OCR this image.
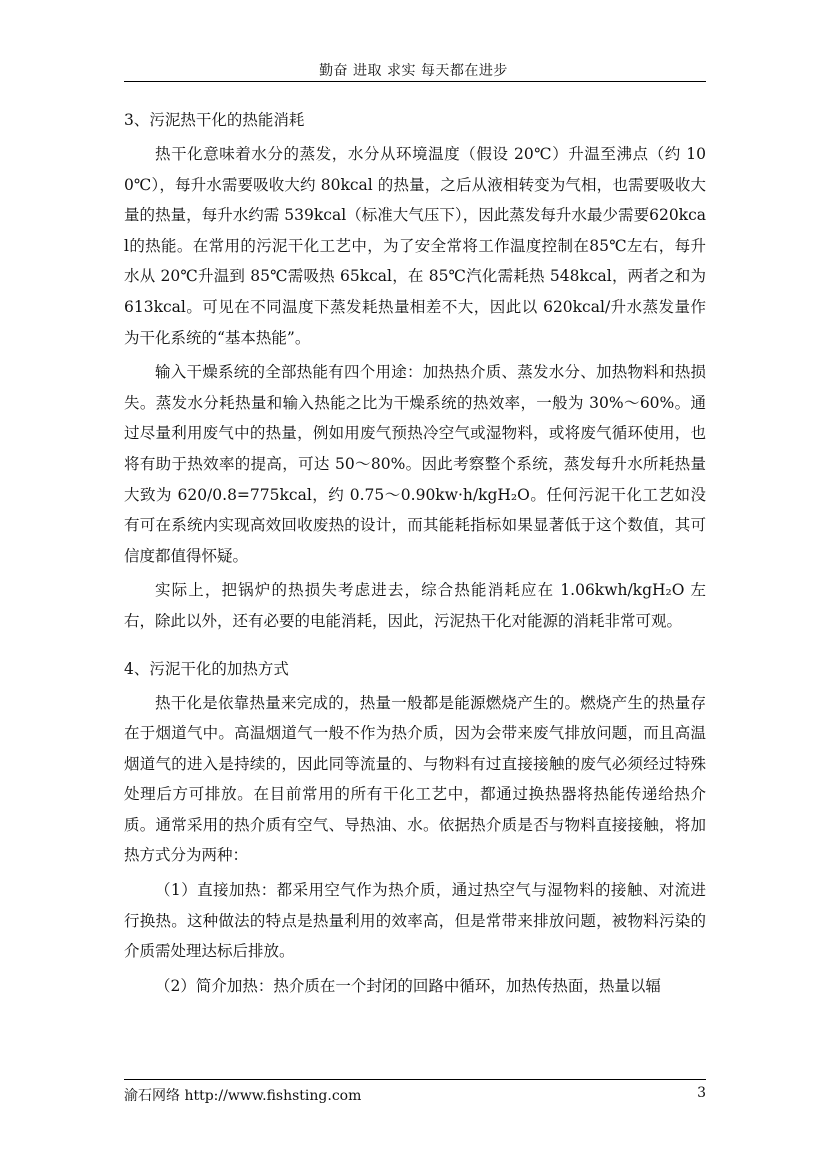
勤奋 进取 求实 每天都在进步
3、污泥热干化的热能消耗

热干化意味着水分的蒸发，水分从环境温度（假设 20℃）升温至沸点（约 100℃），每升水需要吸收大约 80kcal 的热量，之后从液相转变为气相，也需要吸收大量的热量，每升水约需 539kcal（标准大气压下），因此蒸发每升水最少需要620kcal的热能。在常用的污泥干化工艺中，为了安全常将工作温度控制在85℃左右，每升水从 20℃升温到 85℃需吸热 65kcal，在 85℃汽化需耗热 548kcal，两者之和为 613kcal。可见在不同温度下蒸发耗热量相差不大，因此以 620kcal/升水蒸发量作为干化系统的“基本热能”。

输入干燥系统的全部热能有四个用途：加热热介质、蒸发水分、加热物料和热损失。蒸发水分耗热量和输入热能之比为干燥系统的热效率，一般为 30%～60%。通过尽量利用废气中的热量，例如用废气预热冷空气或湿物料，或将废气循环使用，也将有助于热效率的提高，可达 50～80%。因此考察整个系统，蒸发每升水所耗热量大致为 620/0.8=775kcal，约 0.75～0.90kw·h/kgH₂O。任何污泥干化工艺如没有可在系统内实现高效回收废热的设计，而其能耗指标如果显著低于这个数值，其可信度都值得怀疑。

实际上，把锅炉的热损失考虑进去，综合热能消耗应在 1.06kwh/kgH₂O 左右，除此以外，还有必要的电能消耗，因此，污泥热干化对能源的消耗非常可观。

4、污泥干化的加热方式

热干化是依靠热量来完成的，热量一般都是能源燃烧产生的。燃烧产生的热量存在于烟道气中。高温烟道气一般不作为热介质，因为会带来废气排放问题，而且高温烟道气的进入是持续的，因此同等流量的、与物料有过直接接触的废气必须经过特殊处理后方可排放。在目前常用的所有干化工艺中，都通过换热器将热能传递给热介质。通常采用的热介质有空气、导热油、水。依据热介质是否与物料直接接触，将加热方式分为两种：

（1）直接加热：都采用空气作为热介质，通过热空气与湿物料的接触、对流进行换热。这种做法的特点是热量利用的效率高，但是常带来排放问题，被物料污染的介质需处理达标后排放。

（2）简介加热：热介质在一个封闭的回路中循环，加热传热面，热量以辐

渝石网络 http://www.fishsting.com	3
